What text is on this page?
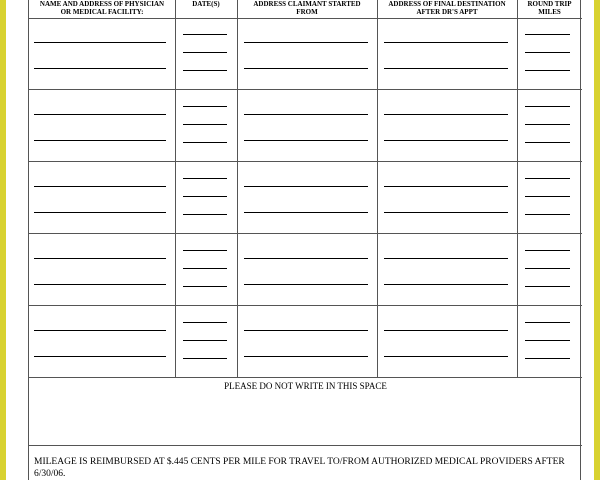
NAME AND ADDRESS OF PHYSICIAN
OR MEDICAL FACILITY:
DATE(S)	ADDRESS CLAIMANT STARTED
FROM
ADDRESS OF FINAL DESTINATION
AFTER DR'S APPT
ROUND TRIP
MILES
PLEASE DO NOT WRITE IN THIS SPACE
MILEAGE IS REIMBURSED AT $.445 CENTS PER MILE FOR TRAVEL TO/FROM AUTHORIZED MEDICAL PROVIDERS AFTER 6/30/06.
